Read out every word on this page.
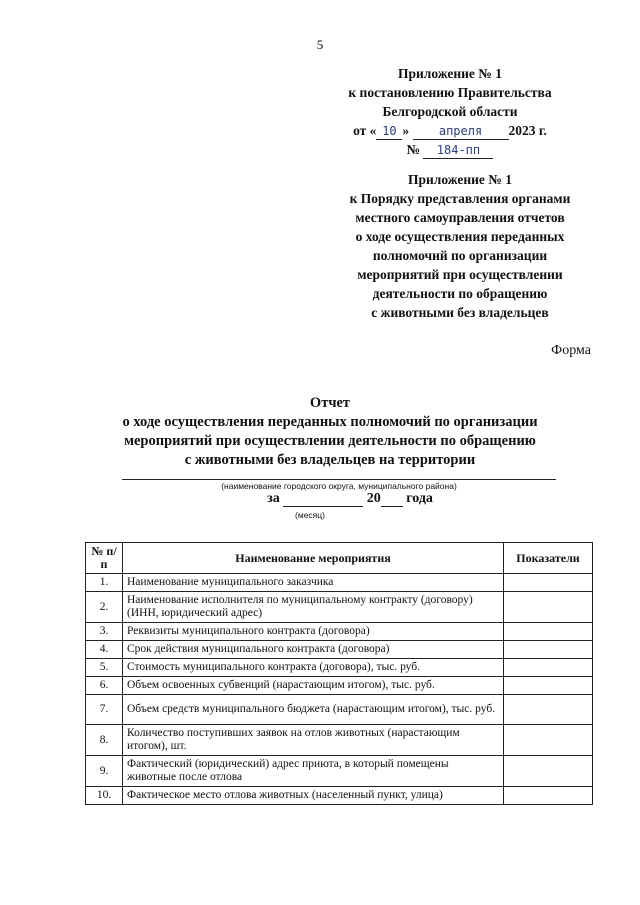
5
Приложение № 1
к постановлению Правительства
Белгородской области
от « 10 » апреля 2023 г.
№ 184-пп
Приложение № 1
к Порядку представления органами
местного самоуправления отчетов
о ходе осуществления переданных
полномочий по организации
мероприятий при осуществлении
деятельности по обращению
с животными без владельцев
Форма
Отчет
о ходе осуществления переданных полномочий по организации
мероприятий при осуществлении деятельности по обращению
с животными без владельцев на территории
(наименование городского округа, муниципального района)
за	20 года
(месяц)
№ п/п	Наименование мероприятия	Показатели
1.	Наименование муниципального заказчика	
2.	Наименование исполнителя по муниципальному контракту (договору) (ИНН, юридический адрес)	
3.	Реквизиты муниципального контракта (договора)	
4.	Срок действия муниципального контракта (договора)	
5.	Стоимость муниципального контракта (договора), тыс. руб.	
6.	Объем освоенных субвенций (нарастающим итогом), тыс. руб.	
7.	Объем средств муниципального бюджета (нарастающим итогом), тыс. руб.	
8.	Количество поступивших заявок на отлов животных (нарастающим итогом), шт.	
9.	Фактический (юридический) адрес приюта, в который помещены животные после отлова	
10.	Фактическое место отлова животных (населенный пункт, улица)	
